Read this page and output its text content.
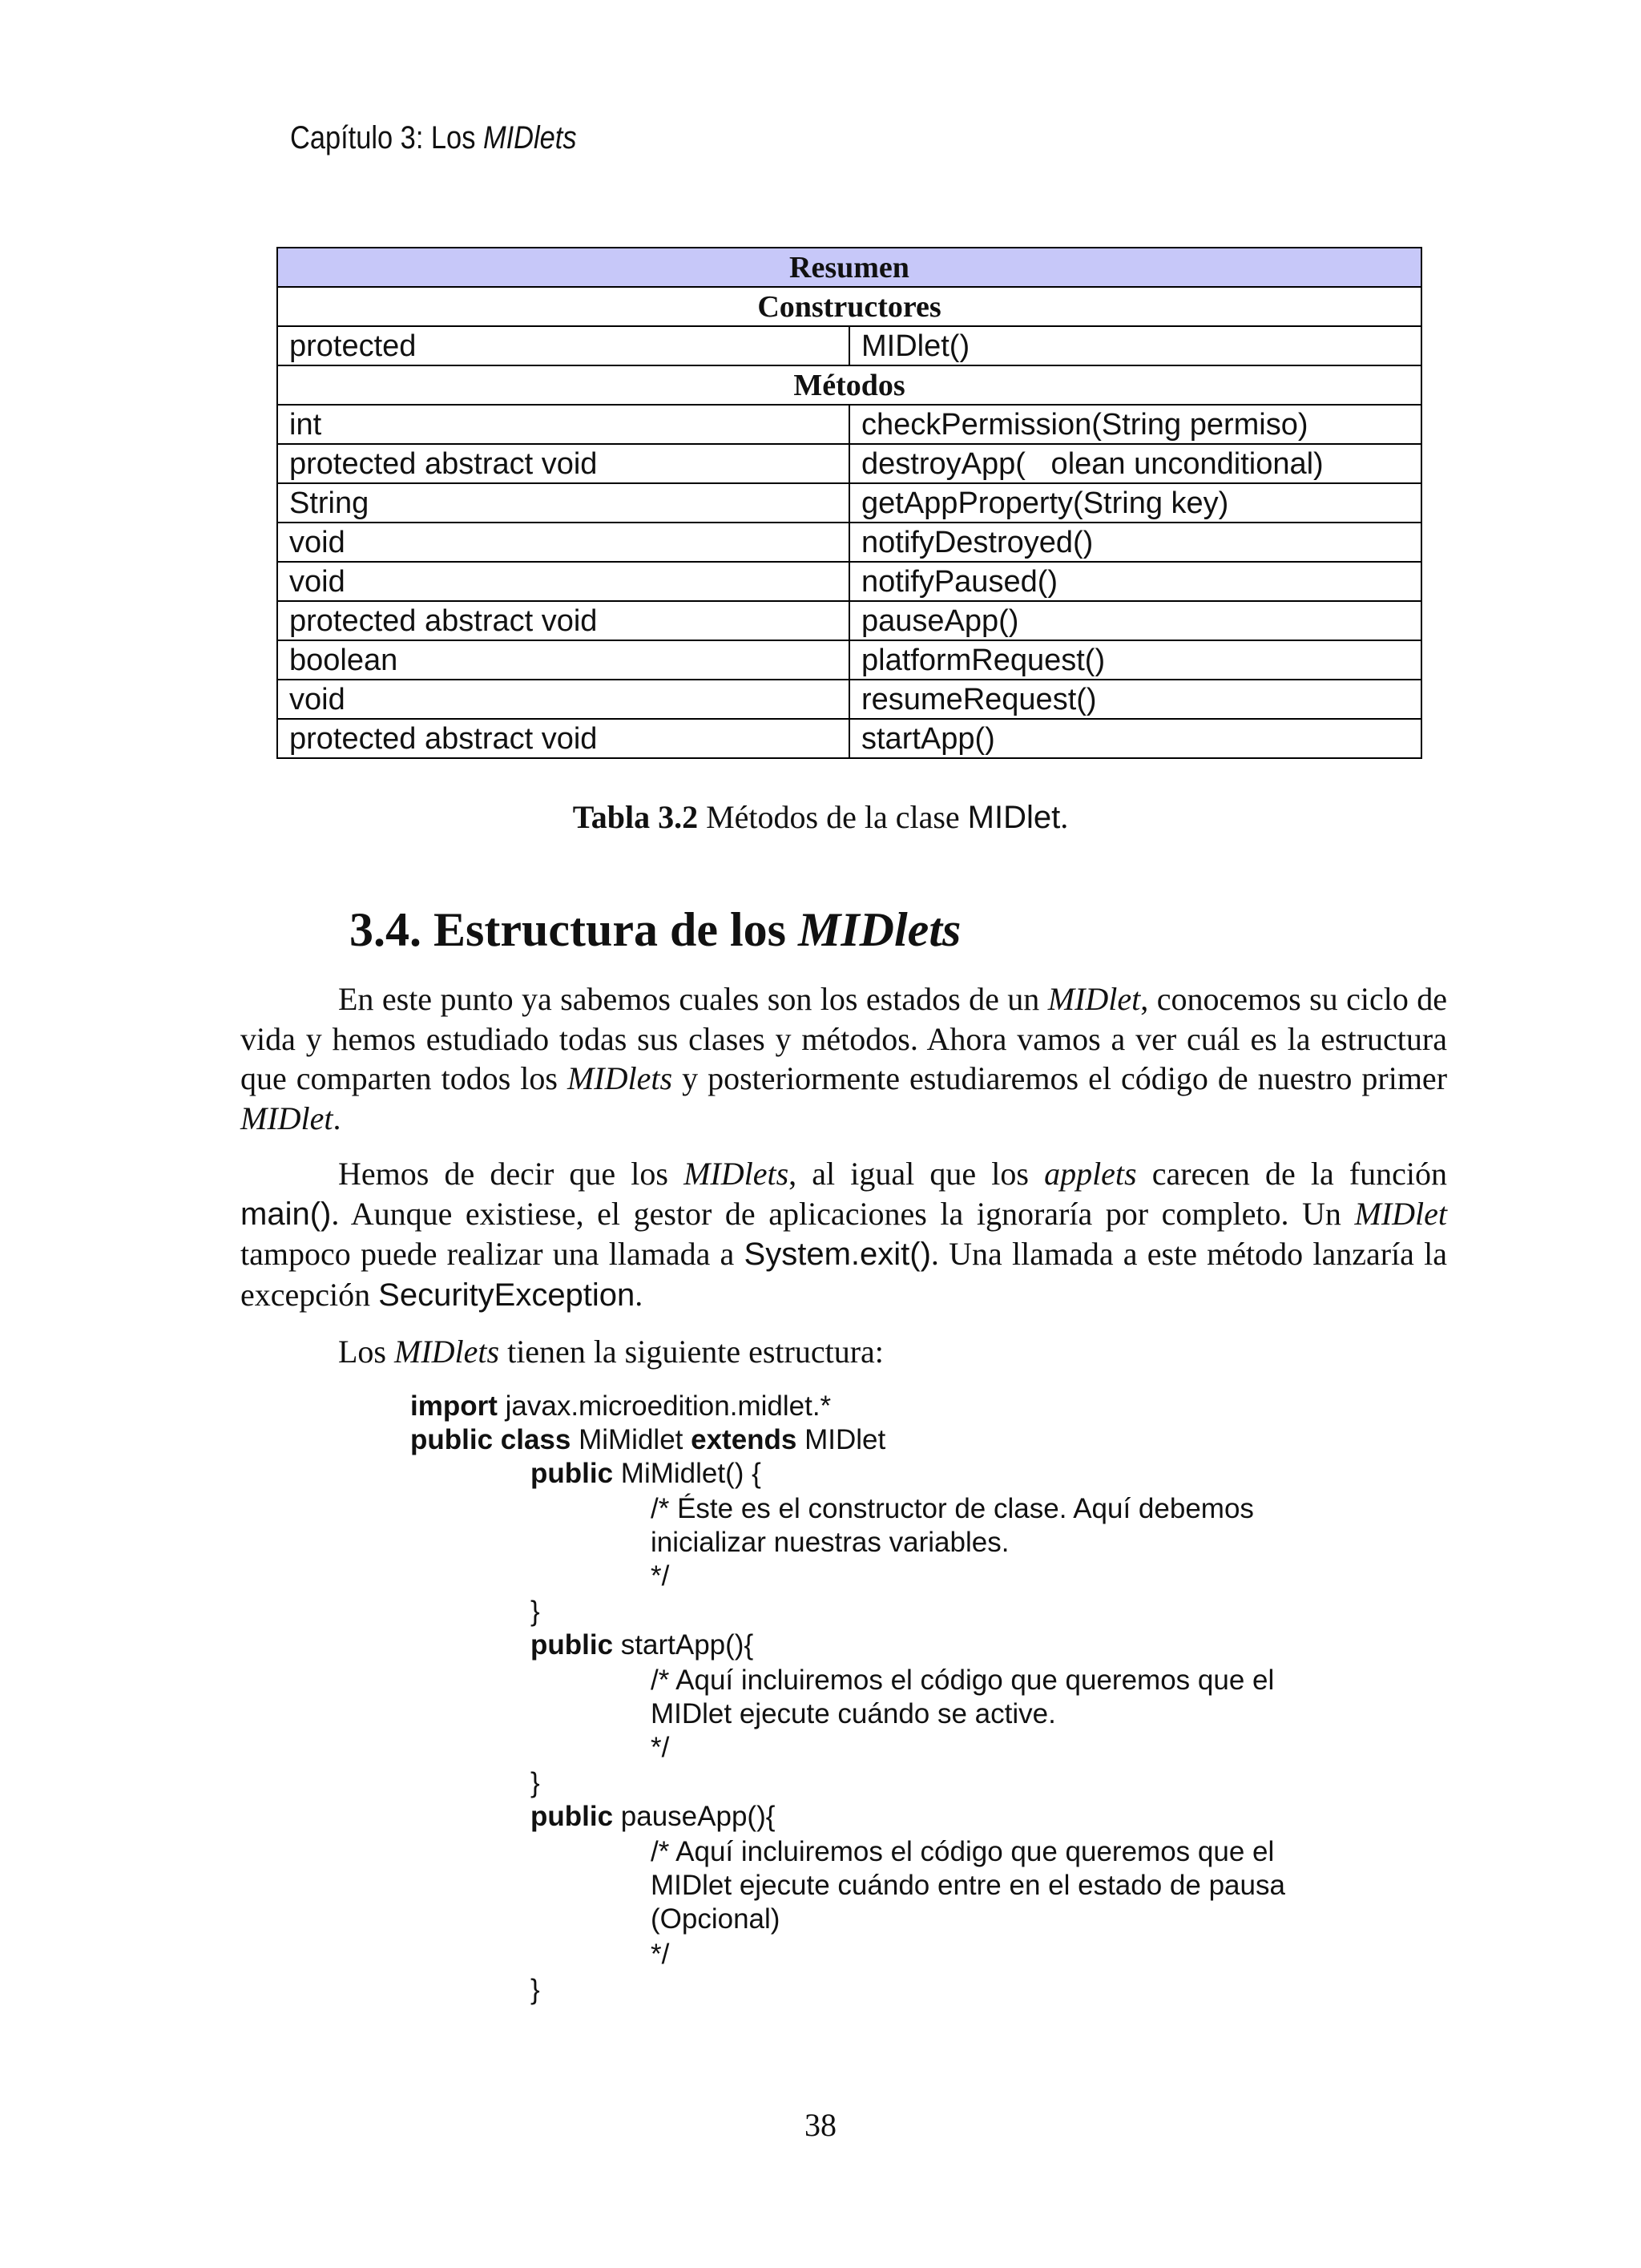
Capítulo 3: Los MIDlets
Resumen	
Constructores	
protected	MIDlet()
Métodos	
int	checkPermission(String permiso)
protected abstract void	destroyApp(   olean unconditional)
String	getAppProperty(String key)
void	notifyDestroyed()
void	notifyPaused()
protected abstract void	pauseApp()
boolean	platformRequest()
void	resumeRequest()
protected abstract void	startApp()
Tabla 3.2 Métodos de la clase MIDlet.
3.4. Estructura de los MIDlets

En este punto ya sabemos cuales son los estados de un MIDlet, conocemos su ciclo de vida y hemos estudiado todas sus clases y métodos. Ahora vamos a ver cuál es la estructura que comparten todos los MIDlets y posteriormente estudiaremos el código de nuestro primer MIDlet.

Hemos de decir que los MIDlets, al igual que los applets carecen de la función main(). Aunque existiese, el gestor de aplicaciones la ignoraría por completo. Un MIDlet tampoco puede realizar una llamada a System.exit(). Una llamada a este método lanzaría la excepción SecurityException.

Los MIDlets tienen la siguiente estructura:

import javax.microedition.midlet.*
public class MiMidlet extends MIDlet
public MiMidlet() {
/* Éste es el constructor de clase. Aquí debemos
inicializar nuestras variables.
*/
}
public startApp(){
/* Aquí incluiremos el código que queremos que el
MIDlet ejecute cuándo se active.
*/
}
public pauseApp(){
/* Aquí incluiremos el código que queremos que el
MIDlet ejecute cuándo entre en el estado de pausa
(Opcional)
*/
}
38
